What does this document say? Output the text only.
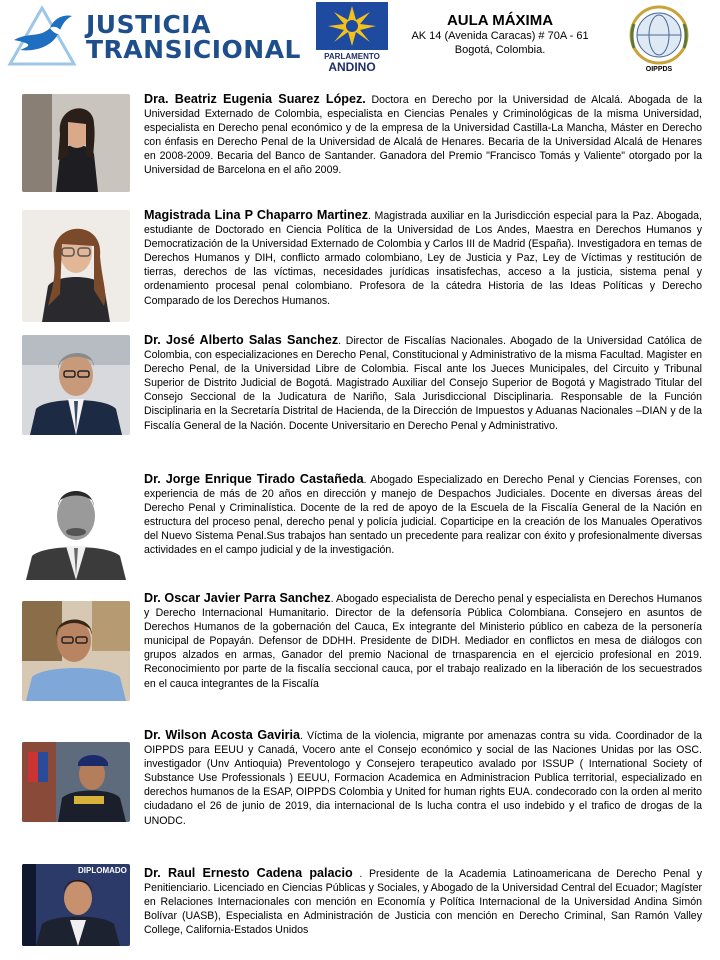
JUSTICIA
TRANSICIONAL	PARLAMENTO
ANDINO
AULA MÁXIMA
AK 14 (Avenida Caracas) # 70A - 61
Bogotá, Colombia.
OIPPDS
Dra. Beatriz Eugenia Suarez López. Doctora en Derecho por la Universidad de Alcalá. Abogada de la Universidad Externado de Colombia, especialista en Ciencias Penales y Criminológicas de la misma Universidad, especialista en Derecho penal económico y de la empresa de la Universidad Castilla-La Mancha, Máster en Derecho con énfasis en Derecho Penal de la Universidad de Alcalá de Henares. Becaria de la Universidad Alcalá de Henares en 2008-2009. Becaria del Banco de Santander. Ganadora del Premio "Francisco Tomás y Valiente" otorgado por la Universidad de Barcelona en el año 2009.
Magistrada Lina P Chaparro Martinez. Magistrada auxiliar en la Jurisdicción especial para la Paz. Abogada, estudiante de Doctorado en Ciencia Política de la Universidad de Los Andes, Maestra en Derechos Humanos y Democratización de la Universidad Externado de Colombia y Carlos III de Madrid (España). Investigadora en temas de Derechos Humanos y DIH, conflicto armado colombiano, Ley de Justicia y Paz, Ley de Víctimas y restitución de tierras, derechos de las víctimas, necesidades jurídicas insatisfechas, acceso a la justicia, sistema penal y ordenamiento procesal penal colombiano. Profesora de la cátedra Historia de las Ideas Políticas y Derecho Comparado de los Derechos Humanos.
Dr. José Alberto Salas Sanchez. Director de Fiscalías Nacionales. Abogado de la Universidad Católica de Colombia, con especializaciones en Derecho Penal, Constitucional y Administrativo de la misma Facultad. Magister en Derecho Penal, de la Universidad Libre de Colombia. Fiscal ante los Jueces Municipales, del Circuito y Tribunal Superior de Distrito Judicial de Bogotá. Magistrado Auxiliar del Consejo Superior de Bogotá y Magistrado Titular del Consejo Seccional de la Judicatura de Nariño, Sala Jurisdiccional Disciplinaria. Responsable de la Función Disciplinaria en la Secretaría Distrital de Hacienda, de la Dirección de Impuestos y Aduanas Nacionales –DIAN y de la Fiscalía General de la Nación. Docente Universitario en Derecho Penal y Administrativo.
Dr. Jorge Enrique Tirado Castañeda. Abogado Especializado en Derecho Penal y Ciencias Forenses, con experiencia de más de 20 años en dirección y manejo de Despachos Judiciales. Docente en diversas áreas del Derecho Penal y Criminalística. Docente de la red de apoyo de la Escuela de la Fiscalía General de la Nación en estructura del proceso penal, derecho penal y policía judicial. Coparticipe en la creación de los Manuales Operativos del Nuevo Sistema Penal.Sus trabajos han sentado un precedente para realizar con éxito y profesionalmente diversas actividades en el campo judicial y de la investigación.
Dr. Oscar Javier Parra Sanchez. Abogado especialista de Derecho penal y especialista en Derechos Humanos y Derecho Internacional Humanitario. Director de la defensoría Pública Colombiana. Consejero en asuntos de Derechos Humanos de la gobernación del Cauca, Ex integrante del Ministerio público en cabeza de la personería municipal de Popayán. Defensor de DDHH. Presidente de DIDH. Mediador en conflictos en mesa de diálogos con grupos alzados en armas, Ganador del premio Nacional de trnasparencia en el ejercicio profesional en 2019. Reconocimiento por parte de la fiscalía seccional cauca, por el trabajo realizado en la liberación de los secuestrados en el cauca integrantes de la Fiscalía
Dr. Wilson Acosta Gaviria. Víctima de la violencia, migrante por amenazas contra su vida. Coordinador de la OIPPDS para EEUU y Canadá, Vocero ante el Consejo económico y social de las Naciones Unidas por las OSC. investigador (Unv Antioquia) Preventologo y Consejero terapeutico avalado por ISSUP ( International Society of Substance Use Professionals ) EEUU, Formacion Academica en Administracion Publica territorial, especializado en derechos humanos de la ESAP, OIPPDS Colombia y United for human rights EUA. condecorado con la orden al merito ciudadano el 26 de junio de 2019, dia internacional de ls lucha contra el uso indebido y el trafico de drogas de la UNODC.
DIPLOMADO Dr. Raul Ernesto Cadena palacio . Presidente de la Academia Latinoamericana de Derecho Penal y Penitienciario. Licenciado en Ciencias Públicas y Sociales, y Abogado de la Universidad Central del Ecuador; Magíster en Relaciones Internacionales con mención en Economía y Política Internacional de la Universidad Andina Simón Bolívar (UASB), Especialista en Administración de Justicia con mención en Derecho Criminal, San Ramón Valley College, California-Estados Unidos
